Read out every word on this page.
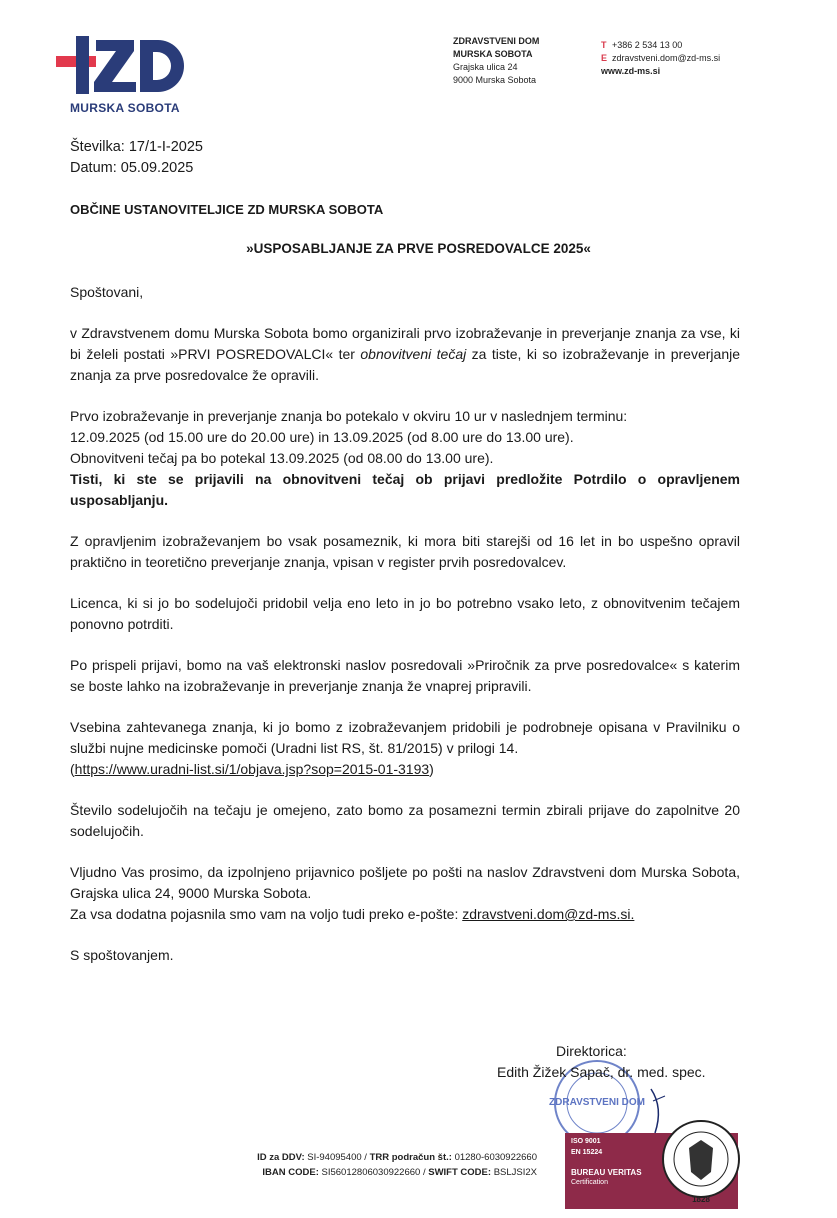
MURSKA SOBOTA
ZDRAVSTVENI DOM
MURSKA SOBOTA
Grajska ulica 24
9000 Murska Sobota
T +386 2 534 13 00
E zdravstveni.dom@zd-ms.si
www.zd-ms.si
Številka: 17/1-I-2025
Datum: 05.09.2025
OBČINE USTANOVITELJICE ZD MURSKA SOBOTA
»USPOSABLJANJE ZA PRVE POSREDOVALCE 2025«

Spoštovani,

v Zdravstvenem domu Murska Sobota bomo organizirali prvo izobraževanje in preverjanje znanja za vse, ki bi želeli postati »PRVI POSREDOVALCI« ter obnovitveni tečaj za tiste, ki so izobraževanje in preverjanje znanja za prve posredovalce že opravili.

Prvo izobraževanje in preverjanje znanja bo potekalo v okviru 10 ur v naslednjem terminu:
12.09.2025 (od 15.00 ure do 20.00 ure) in 13.09.2025 (od 8.00 ure do 13.00 ure).
Obnovitveni tečaj pa bo potekal 13.09.2025 (od 08.00 do 13.00 ure).
Tisti, ki ste se prijavili na obnovitveni tečaj ob prijavi predložite Potrdilo o opravljenem usposabljanju.

Z opravljenim izobraževanjem bo vsak posameznik, ki mora biti starejši od 16 let in bo uspešno opravil praktično in teoretično preverjanje znanja, vpisan v register prvih posredovalcev.

Licenca, ki si jo bo sodelujoči pridobil velja eno leto in jo bo potrebno vsako leto, z obnovitvenim tečajem ponovno potrditi.

Po prispeli prijavi, bomo na vaš elektronski naslov posredovali »Priročnik za prve posredovalce« s katerim se boste lahko na izobraževanje in preverjanje znanja že vnaprej pripravili.

Vsebina zahtevanega znanja, ki jo bomo z izobraževanjem pridobili je podrobneje opisana v Pravilniku o službi nujne medicinske pomoči (Uradni list RS, št. 81/2015) v prilogi 14.
(https://www.uradni-list.si/1/objava.jsp?sop=2015-01-3193)

Število sodelujočih na tečaju je omejeno, zato bomo za posamezni termin zbirali prijave do zapolnitve 20 sodelujočih.

Vljudno Vas prosimo, da izpolnjeno prijavnico pošljete po pošti na naslov Zdravstveni dom Murska Sobota, Grajska ulica 24, 9000 Murska Sobota.
Za vsa dodatna pojasnila smo vam na voljo tudi preko e-pošte: zdravstveni.dom@zd-ms.si.

S spoštovanjem.

ZDRAVSTVENI DOM
Direktorica:
Edith Žižek Sapač, dr. med. spec.
ISO 9001
EN 15224
BUREAU VERITAS
Certification
1828
ID za DDV: SI-94095400 / TRR podračun št.: 01280-6030922660
IBAN CODE: SI56012806030922660 / SWIFT CODE: BSLJSI2X
